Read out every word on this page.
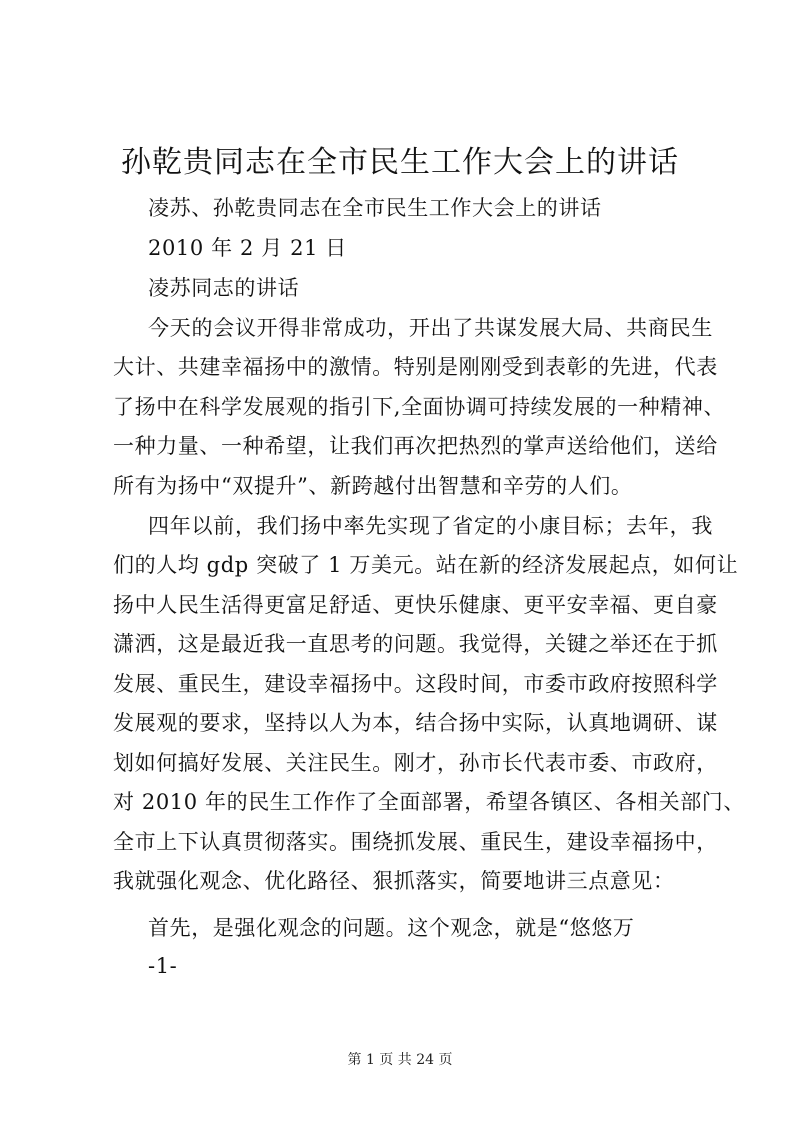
孙乾贵同志在全市民生工作大会上的讲话
凌苏、孙乾贵同志在全市民生工作大会上的讲话
2010 年 2 月 21 日
凌苏同志的讲话
今天的会议开得非常成功，开出了共谋发展大局、共商民生
大计、共建幸福扬中的激情。特别是刚刚受到表彰的先进，代表
了扬中在科学发展观的指引下,全面协调可持续发展的一种精神、
一种力量、一种希望，让我们再次把热烈的掌声送给他们，送给
所有为扬中“双提升”、新跨越付出智慧和辛劳的人们。
四年以前，我们扬中率先实现了省定的小康目标；去年，我
们的人均 gdp 突破了 1 万美元。站在新的经济发展起点，如何让
扬中人民生活得更富足舒适、更快乐健康、更平安幸福、更自豪
潇洒，这是最近我一直思考的问题。我觉得，关键之举还在于抓
发展、重民生，建设幸福扬中。这段时间，市委市政府按照科学
发展观的要求，坚持以人为本，结合扬中实际，认真地调研、谋
划如何搞好发展、关注民生。刚才，孙市长代表市委、市政府，
对 2010 年的民生工作作了全面部署，希望各镇区、各相关部门、
全市上下认真贯彻落实。围绕抓发展、重民生，建设幸福扬中，
我就强化观念、优化路径、狠抓落实，简要地讲三点意见：
首先，是强化观念的问题。这个观念，就是“悠悠万
-1-
第 1 页 共 24 页
